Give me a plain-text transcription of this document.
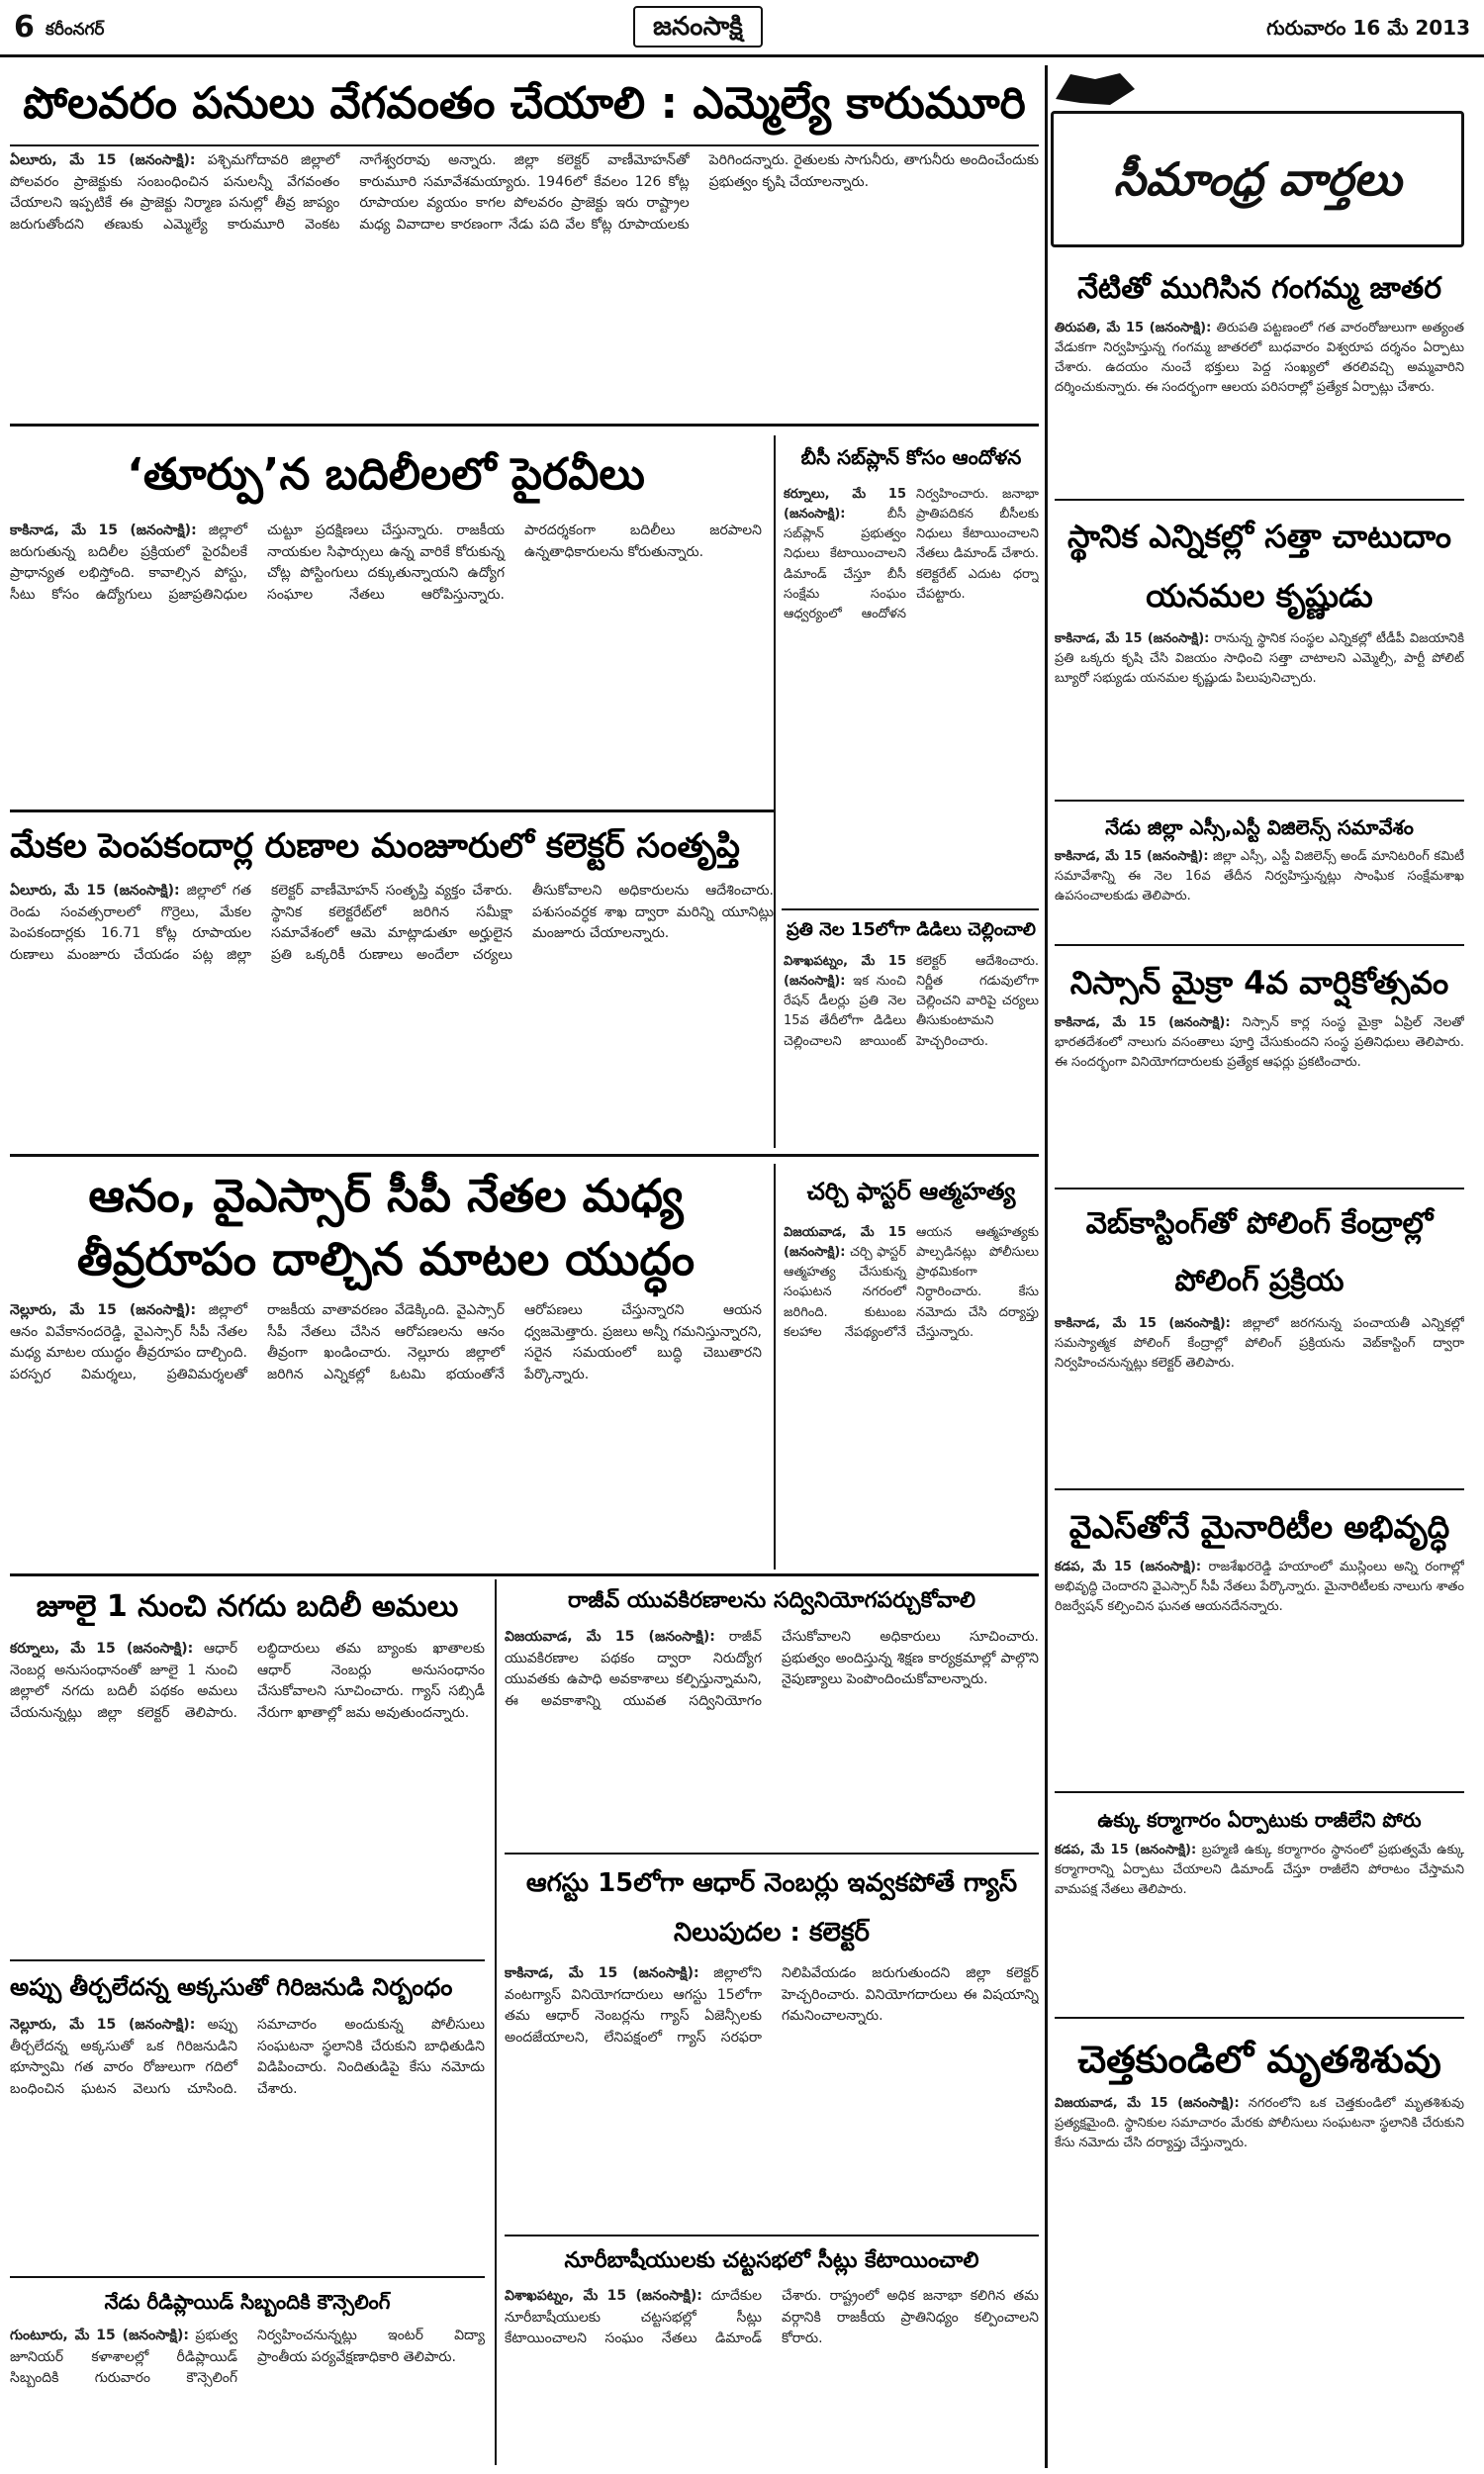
6 కరీంనగర్	జనంసాక్షి	గురువారం 16 మే 2013
పోలవరం పనులు వేగవంతం చేయాలి : ఎమ్మెల్యే కారుమూరి
ఏలూరు, మే 15 (జనంసాక్షి): పశ్చిమగోదావరి జిల్లాలో పోలవరం ప్రాజెక్టుకు సంబంధించిన పనులన్నీ వేగవంతం చేయాలని ఇప్పటికే ఈ ప్రాజెక్టు నిర్మాణ పనుల్లో తీవ్ర జాప్యం జరుగుతోందని తణుకు ఎమ్మెల్యే కారుమూరి వెంకట నాగేశ్వరరావు అన్నారు. జిల్లా కలెక్టర్ వాణీమోహన్‌తో కారుమూరి సమావేశమయ్యారు. 1946లో కేవలం 126 కోట్ల రూపాయల వ్యయం కాగల పోలవరం ప్రాజెక్టు ఇరు రాష్ట్రాల మధ్య వివాదాల కారణంగా నేడు పది వేల కోట్ల రూపాయలకు పెరిగిందన్నారు. రైతులకు సాగునీరు, తాగునీరు అందించేందుకు ప్రభుత్వం కృషి చేయాలన్నారు.
‘తూర్పు’న బదిలీలలో పైరవీలు
కాకినాడ, మే 15 (జనంసాక్షి): జిల్లాలో జరుగుతున్న బదిలీల ప్రక్రియలో పైరవీలకే ప్రాధాన్యత లభిస్తోంది. కావాల్సిన పోస్టు, సీటు కోసం ఉద్యోగులు ప్రజాప్రతినిధుల చుట్టూ ప్రదక్షిణలు చేస్తున్నారు. రాజకీయ నాయకుల సిఫార్సులు ఉన్న వారికే కోరుకున్న చోట్ల పోస్టింగులు దక్కుతున్నాయని ఉద్యోగ సంఘాల నేతలు ఆరోపిస్తున్నారు. పారదర్శకంగా బదిలీలు జరపాలని ఉన్నతాధికారులను కోరుతున్నారు.
బీసీ సబ్‌ప్లాన్ కోసం ఆందోళన
కర్నూలు, మే 15 (జనంసాక్షి):	బీసీ సబ్‌ప్లాన్ ప్రభుత్వం నిధులు కేటాయించాలని డిమాండ్ చేస్తూ బీసీ సంక్షేమ సంఘం ఆధ్వర్యంలో ఆందోళన నిర్వహించారు. జనాభా ప్రాతిపదికన బీసీలకు నిధులు కేటాయించాలని నేతలు డిమాండ్ చేశారు. కలెక్టరేట్ ఎదుట ధర్నా చేపట్టారు.
మేకల పెంపకందార్ల రుణాల మంజూరులో కలెక్టర్ సంతృప్తి
ఏలూరు, మే 15 (జనంసాక్షి): జిల్లాలో గత రెండు సంవత్సరాలలో గొర్రెలు, మేకల పెంపకందార్లకు 16.71 కోట్ల రూపాయల రుణాలు మంజూరు చేయడం పట్ల జిల్లా కలెక్టర్ వాణీమోహన్ సంతృప్తి వ్యక్తం చేశారు. స్థానిక కలెక్టరేట్‌లో జరిగిన సమీక్షా సమావేశంలో ఆమె మాట్లాడుతూ అర్హులైన ప్రతి ఒక్కరికీ రుణాలు అందేలా చర్యలు తీసుకోవాలని అధికారులను ఆదేశించారు. పశుసంవర్ధక శాఖ ద్వారా మరిన్ని యూనిట్లు మంజూరు చేయాలన్నారు.	ప్రతి నెల 15లోగా డిడిలు చెల్లించాలి
విశాఖపట్నం, మే 15 (జనంసాక్షి): ఇక నుంచి రేషన్ డీలర్లు ప్రతి నెల 15వ తేదీలోగా డిడిలు చెల్లించాలని జాయింట్ కలెక్టర్ ఆదేశించారు. నిర్ణీత గడువులోగా చెల్లించని వారిపై చర్యలు తీసుకుంటామని హెచ్చరించారు.
ఆనం, వైఎస్సార్ సీపీ నేతల మధ్య తీవ్రరూపం దాల్చిన మాటల యుద్ధం
నెల్లూరు, మే 15 (జనంసాక్షి): జిల్లాలో ఆనం వివేకానందరెడ్డి, వైఎస్సార్ సీపీ నేతల మధ్య మాటల యుద్ధం తీవ్రరూపం దాల్చింది. పరస్పర విమర్శలు, ప్రతివిమర్శలతో రాజకీయ వాతావరణం వేడెక్కింది. వైఎస్సార్ సీపీ నేతలు చేసిన ఆరోపణలను ఆనం తీవ్రంగా ఖండించారు. నెల్లూరు జిల్లాలో జరిగిన ఎన్నికల్లో ఓటమి భయంతోనే ఆరోపణలు చేస్తున్నారని ఆయన ధ్వజమెత్తారు. ప్రజలు అన్నీ గమనిస్తున్నారని, సరైన సమయంలో బుద్ధి చెబుతారని పేర్కొన్నారు.
చర్చి ఫాస్టర్ ఆత్మహత్య
విజయవాడ, మే 15 (జనంసాక్షి): చర్చి ఫాస్టర్ ఆత్మహత్య చేసుకున్న సంఘటన నగరంలో జరిగింది. కుటుంబ కలహాల నేపథ్యంలోనే ఆయన ఆత్మహత్యకు పాల్పడినట్లు పోలీసులు ప్రాథమికంగా నిర్ధారించారు. కేసు నమోదు చేసి దర్యాప్తు చేస్తున్నారు.
జూలై 1 నుంచి నగదు బదిలీ అమలు
కర్నూలు, మే 15 (జనంసాక్షి): ఆధార్ నెంబర్ల అనుసంధానంతో జూలై 1 నుంచి జిల్లాలో నగదు బదిలీ పథకం అమలు చేయనున్నట్లు జిల్లా కలెక్టర్ తెలిపారు. లబ్ధిదారులు తమ బ్యాంకు ఖాతాలకు ఆధార్ నెంబర్లు అనుసంధానం చేసుకోవాలని సూచించారు. గ్యాస్ సబ్సిడీ నేరుగా ఖాతాల్లో జమ అవుతుందన్నారు.
అప్పు తీర్చలేదన్న అక్కసుతో గిరిజనుడి నిర్బంధం
నెల్లూరు, మే 15 (జనంసాక్షి): అప్పు తీర్చలేదన్న అక్కసుతో ఒక గిరిజనుడిని భూస్వామి గత వారం రోజులుగా గదిలో బంధించిన ఘటన వెలుగు చూసింది. సమాచారం అందుకున్న పోలీసులు సంఘటనా స్థలానికి చేరుకుని బాధితుడిని విడిపించారు. నిందితుడిపై కేసు నమోదు చేశారు.
నేడు రీడిప్లాయిడ్ సిబ్బందికి కౌన్సెలింగ్
గుంటూరు, మే 15 (జనంసాక్షి): ప్రభుత్వ జూనియర్ కళాశాలల్లో రీడిప్లాయిడ్ సిబ్బందికి గురువారం కౌన్సెలింగ్ నిర్వహించనున్నట్లు ఇంటర్ విద్యా ప్రాంతీయ పర్యవేక్షణాధికారి తెలిపారు.
రాజీవ్ యువకిరణాలను సద్వినియోగపర్చుకోవాలి
విజయవాడ, మే 15 (జనంసాక్షి): రాజీవ్ యువకిరణాల పథకం ద్వారా నిరుద్యోగ యువతకు ఉపాధి అవకాశాలు కల్పిస్తున్నామని, ఈ అవకాశాన్ని యువత సద్వినియోగం చేసుకోవాలని అధికారులు సూచించారు. ప్రభుత్వం అందిస్తున్న శిక్షణ కార్యక్రమాల్లో పాల్గొని నైపుణ్యాలు పెంపొందించుకోవాలన్నారు.
ఆగస్టు 15లోగా ఆధార్ నెంబర్లు ఇవ్వకపోతే గ్యాస్ నిలుపుదల : కలెక్టర్
కాకినాడ, మే 15 (జనంసాక్షి): జిల్లాలోని వంటగ్యాస్ వినియోగదారులు ఆగస్టు 15లోగా తమ ఆధార్ నెంబర్లను గ్యాస్ ఏజెన్సీలకు అందజేయాలని, లేనిపక్షంలో గ్యాస్ సరఫరా నిలిపివేయడం జరుగుతుందని జిల్లా కలెక్టర్ హెచ్చరించారు. వినియోగదారులు ఈ విషయాన్ని గమనించాలన్నారు.
నూరీబాషీయులకు చట్టసభలో సీట్లు కేటాయించాలి
విశాఖపట్నం, మే 15 (జనంసాక్షి): దూదేకుల నూరీబాషీయులకు చట్టసభల్లో సీట్లు కేటాయించాలని సంఘం నేతలు డిమాండ్ చేశారు. రాష్ట్రంలో అధిక జనాభా కలిగిన తమ వర్గానికి రాజకీయ ప్రాతినిధ్యం కల్పించాలని కోరారు.
సీమాంధ్ర వార్తలు
నేటితో ముగిసిన గంగమ్మ జాతర
తిరుపతి, మే 15 (జనంసాక్షి): తిరుపతి పట్టణంలో గత వారంరోజులుగా అత్యంత వేడుకగా నిర్వహిస్తున్న గంగమ్మ జాతరలో బుధవారం విశ్వరూప దర్శనం ఏర్పాటు చేశారు. ఉదయం నుంచే భక్తులు పెద్ద సంఖ్యలో తరలివచ్చి అమ్మవారిని దర్శించుకున్నారు. ఈ సందర్భంగా ఆలయ పరిసరాల్లో ప్రత్యేక ఏర్పాట్లు చేశారు.
స్థానిక ఎన్నికల్లో సత్తా చాటుదాం యనమల కృష్ణుడు
కాకినాడ, మే 15 (జనంసాక్షి): రానున్న స్థానిక సంస్థల ఎన్నికల్లో టీడీపీ విజయానికి ప్రతి ఒక్కరు కృషి చేసి విజయం సాధించి సత్తా చాటాలని ఎమ్మెల్సీ, పార్టీ పోలిట్ బ్యూరో సభ్యుడు యనమల కృష్ణుడు పిలుపునిచ్చారు.
నేడు జిల్లా ఎస్సీ,ఎస్టీ విజిలెన్స్ సమావేశం
కాకినాడ, మే 15 (జనంసాక్షి): జిల్లా ఎస్సీ, ఎస్టీ విజిలెన్స్ అండ్ మానిటరింగ్ కమిటీ సమావేశాన్ని ఈ నెల 16వ తేదీన నిర్వహిస్తున్నట్లు సాంఘిక సంక్షేమశాఖ ఉపసంచాలకుడు తెలిపారు.
నిస్సాన్ మైక్రా 4వ వార్షికోత్సవం
కాకినాడ, మే 15 (జనంసాక్షి): నిస్సాన్ కార్ల సంస్థ మైక్రా ఏప్రిల్ నెలతో భారతదేశంలో నాలుగు వసంతాలు పూర్తి చేసుకుందని సంస్థ ప్రతినిధులు తెలిపారు. ఈ సందర్భంగా వినియోగదారులకు ప్రత్యేక ఆఫర్లు ప్రకటించారు.
వెబ్‌కాస్టింగ్‌తో పోలింగ్ కేంద్రాల్లో పోలింగ్ ప్రక్రియ
కాకినాడ, మే 15 (జనంసాక్షి): జిల్లాలో జరగనున్న పంచాయతీ ఎన్నికల్లో సమస్యాత్మక పోలింగ్ కేంద్రాల్లో పోలింగ్ ప్రక్రియను వెబ్‌కాస్టింగ్ ద్వారా నిర్వహించనున్నట్లు కలెక్టర్ తెలిపారు.
వైఎస్‌తోనే మైనారిటీల అభివృద్ధి
కడప, మే 15 (జనంసాక్షి): రాజశేఖరరెడ్డి హయాంలో ముస్లింలు అన్ని రంగాల్లో అభివృద్ధి చెందారని వైఎస్సార్ సీపీ నేతలు పేర్కొన్నారు. మైనారిటీలకు నాలుగు శాతం రిజర్వేషన్ కల్పించిన ఘనత ఆయనదేనన్నారు.
ఉక్కు కర్మాగారం ఏర్పాటుకు రాజీలేని పోరు
కడప, మే 15 (జనంసాక్షి): బ్రహ్మణి ఉక్కు కర్మాగారం స్థానంలో ప్రభుత్వమే ఉక్కు కర్మాగారాన్ని ఏర్పాటు చేయాలని డిమాండ్ చేస్తూ రాజీలేని పోరాటం చేస్తామని వామపక్ష నేతలు తెలిపారు.
చెత్తకుండిలో మృతశిశువు
విజయవాడ, మే 15 (జనంసాక్షి): నగరంలోని ఒక చెత్తకుండిలో మృతశిశువు ప్రత్యక్షమైంది. స్థానికుల సమాచారం మేరకు పోలీసులు సంఘటనా స్థలానికి చేరుకుని కేసు నమోదు చేసి దర్యాప్తు చేస్తున్నారు.
